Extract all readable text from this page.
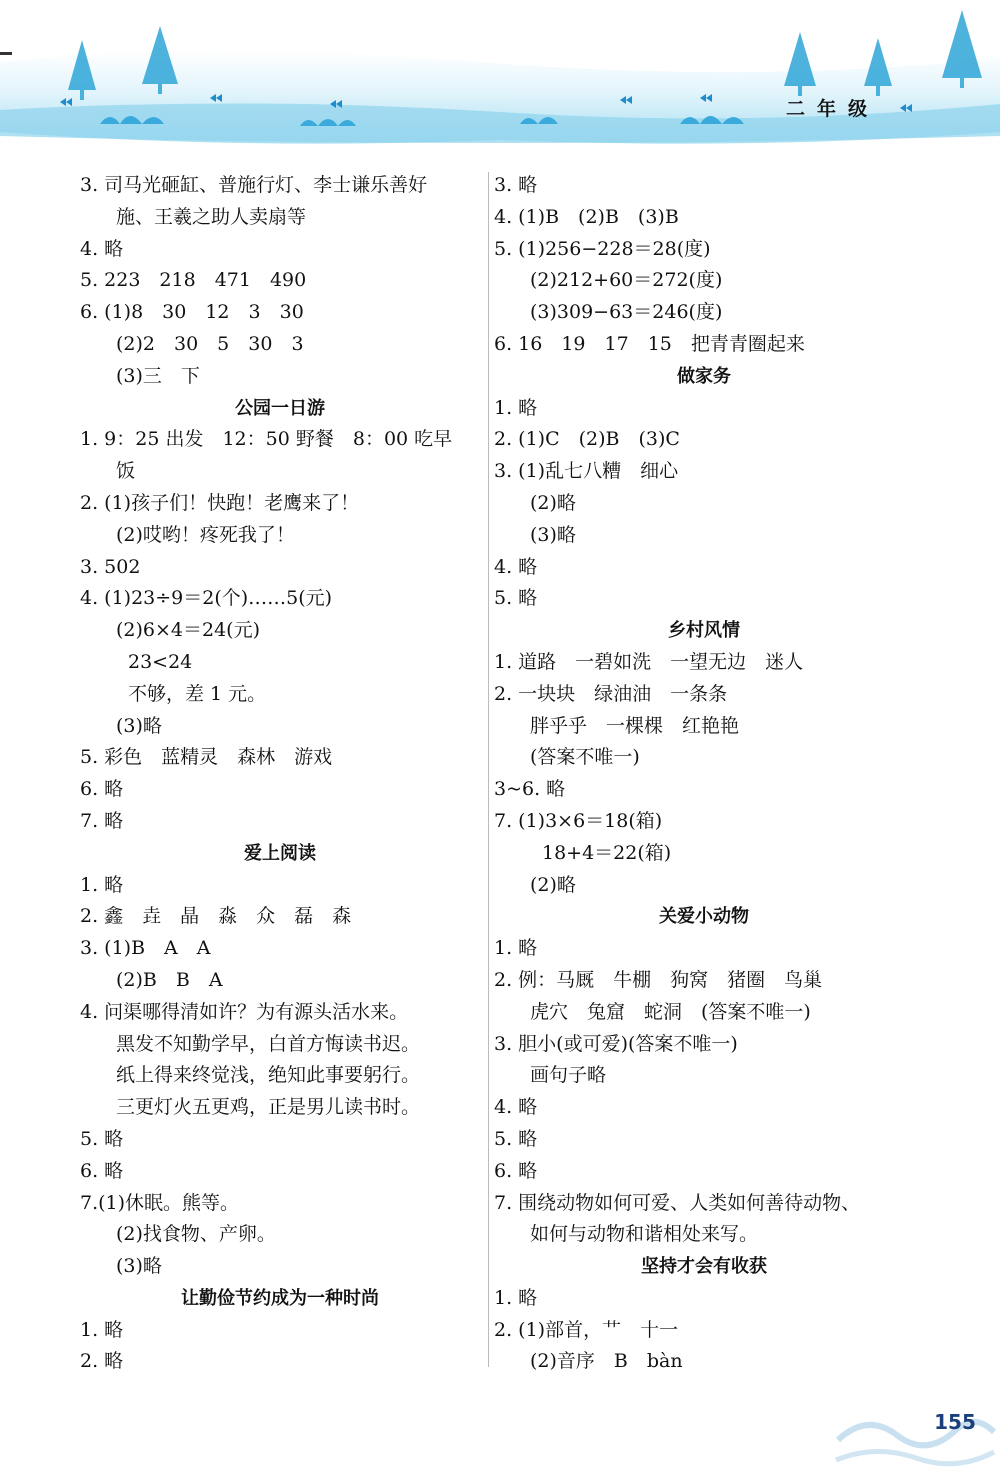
二年级
3. 司马光砸缸、普施行灯、李士谦乐善好
施、王羲之助人卖扇等
4. 略
5. 223　218　471　490
6. (1)8　30　12　3　30
(2)2　30　5　30　3
(3)三　下
公园一日游
1. 9：25 出发　12：50 野餐　8：00 吃早
饭
2. (1)孩子们！快跑！老鹰来了！
(2)哎哟！疼死我了！
3. 502
4. (1)23÷9＝2(个)……5(元)
(2)6×4＝24(元)
23<24
不够，差 1 元。
(3)略
5. 彩色　蓝精灵　森林　游戏
6. 略
7. 略
爱上阅读
1. 略
2. 鑫　垚　晶　淼　众　磊　森
3. (1)B　A　A
(2)B　B　A
4. 问渠哪得清如许？为有源头活水来。
黑发不知勤学早，白首方悔读书迟。
纸上得来终觉浅，绝知此事要躬行。
三更灯火五更鸡，正是男儿读书时。
5. 略
6. 略
7.(1)休眠。熊等。
(2)找食物、产卵。
(3)略
让勤俭节约成为一种时尚
1. 略
2. 略
3. 略
4. (1)B　(2)B　(3)B
5. (1)256−228＝28(度)
(2)212+60＝272(度)
(3)309−63＝246(度)
6. 16　19　17　15　把青青圈起来
做家务
1. 略
2. (1)C　(2)B　(3)C
3. (1)乱七八糟　细心
(2)略
(3)略
4. 略
5. 略
乡村风情
1. 道路　一碧如洗　一望无边　迷人
2. 一块块　绿油油　一条条
胖乎乎　一棵棵　红艳艳
(答案不唯一)
3~6. 略
7. (1)3×6＝18(箱)
18+4＝22(箱)
(2)略
关爱小动物
1. 略
2. 例：马厩　牛棚　狗窝　猪圈　鸟巢
虎穴　兔窟　蛇洞　(答案不唯一)
3. 胆小(或可爱)(答案不唯一)
画句子略
4. 略
5. 略
6. 略
7. 围绕动物如何可爱、人类如何善待动物、
如何与动物和谐相处来写。
坚持才会有收获
1. 略
2. (1)部首，艹　十一
(2)音序　B　bàn
155
